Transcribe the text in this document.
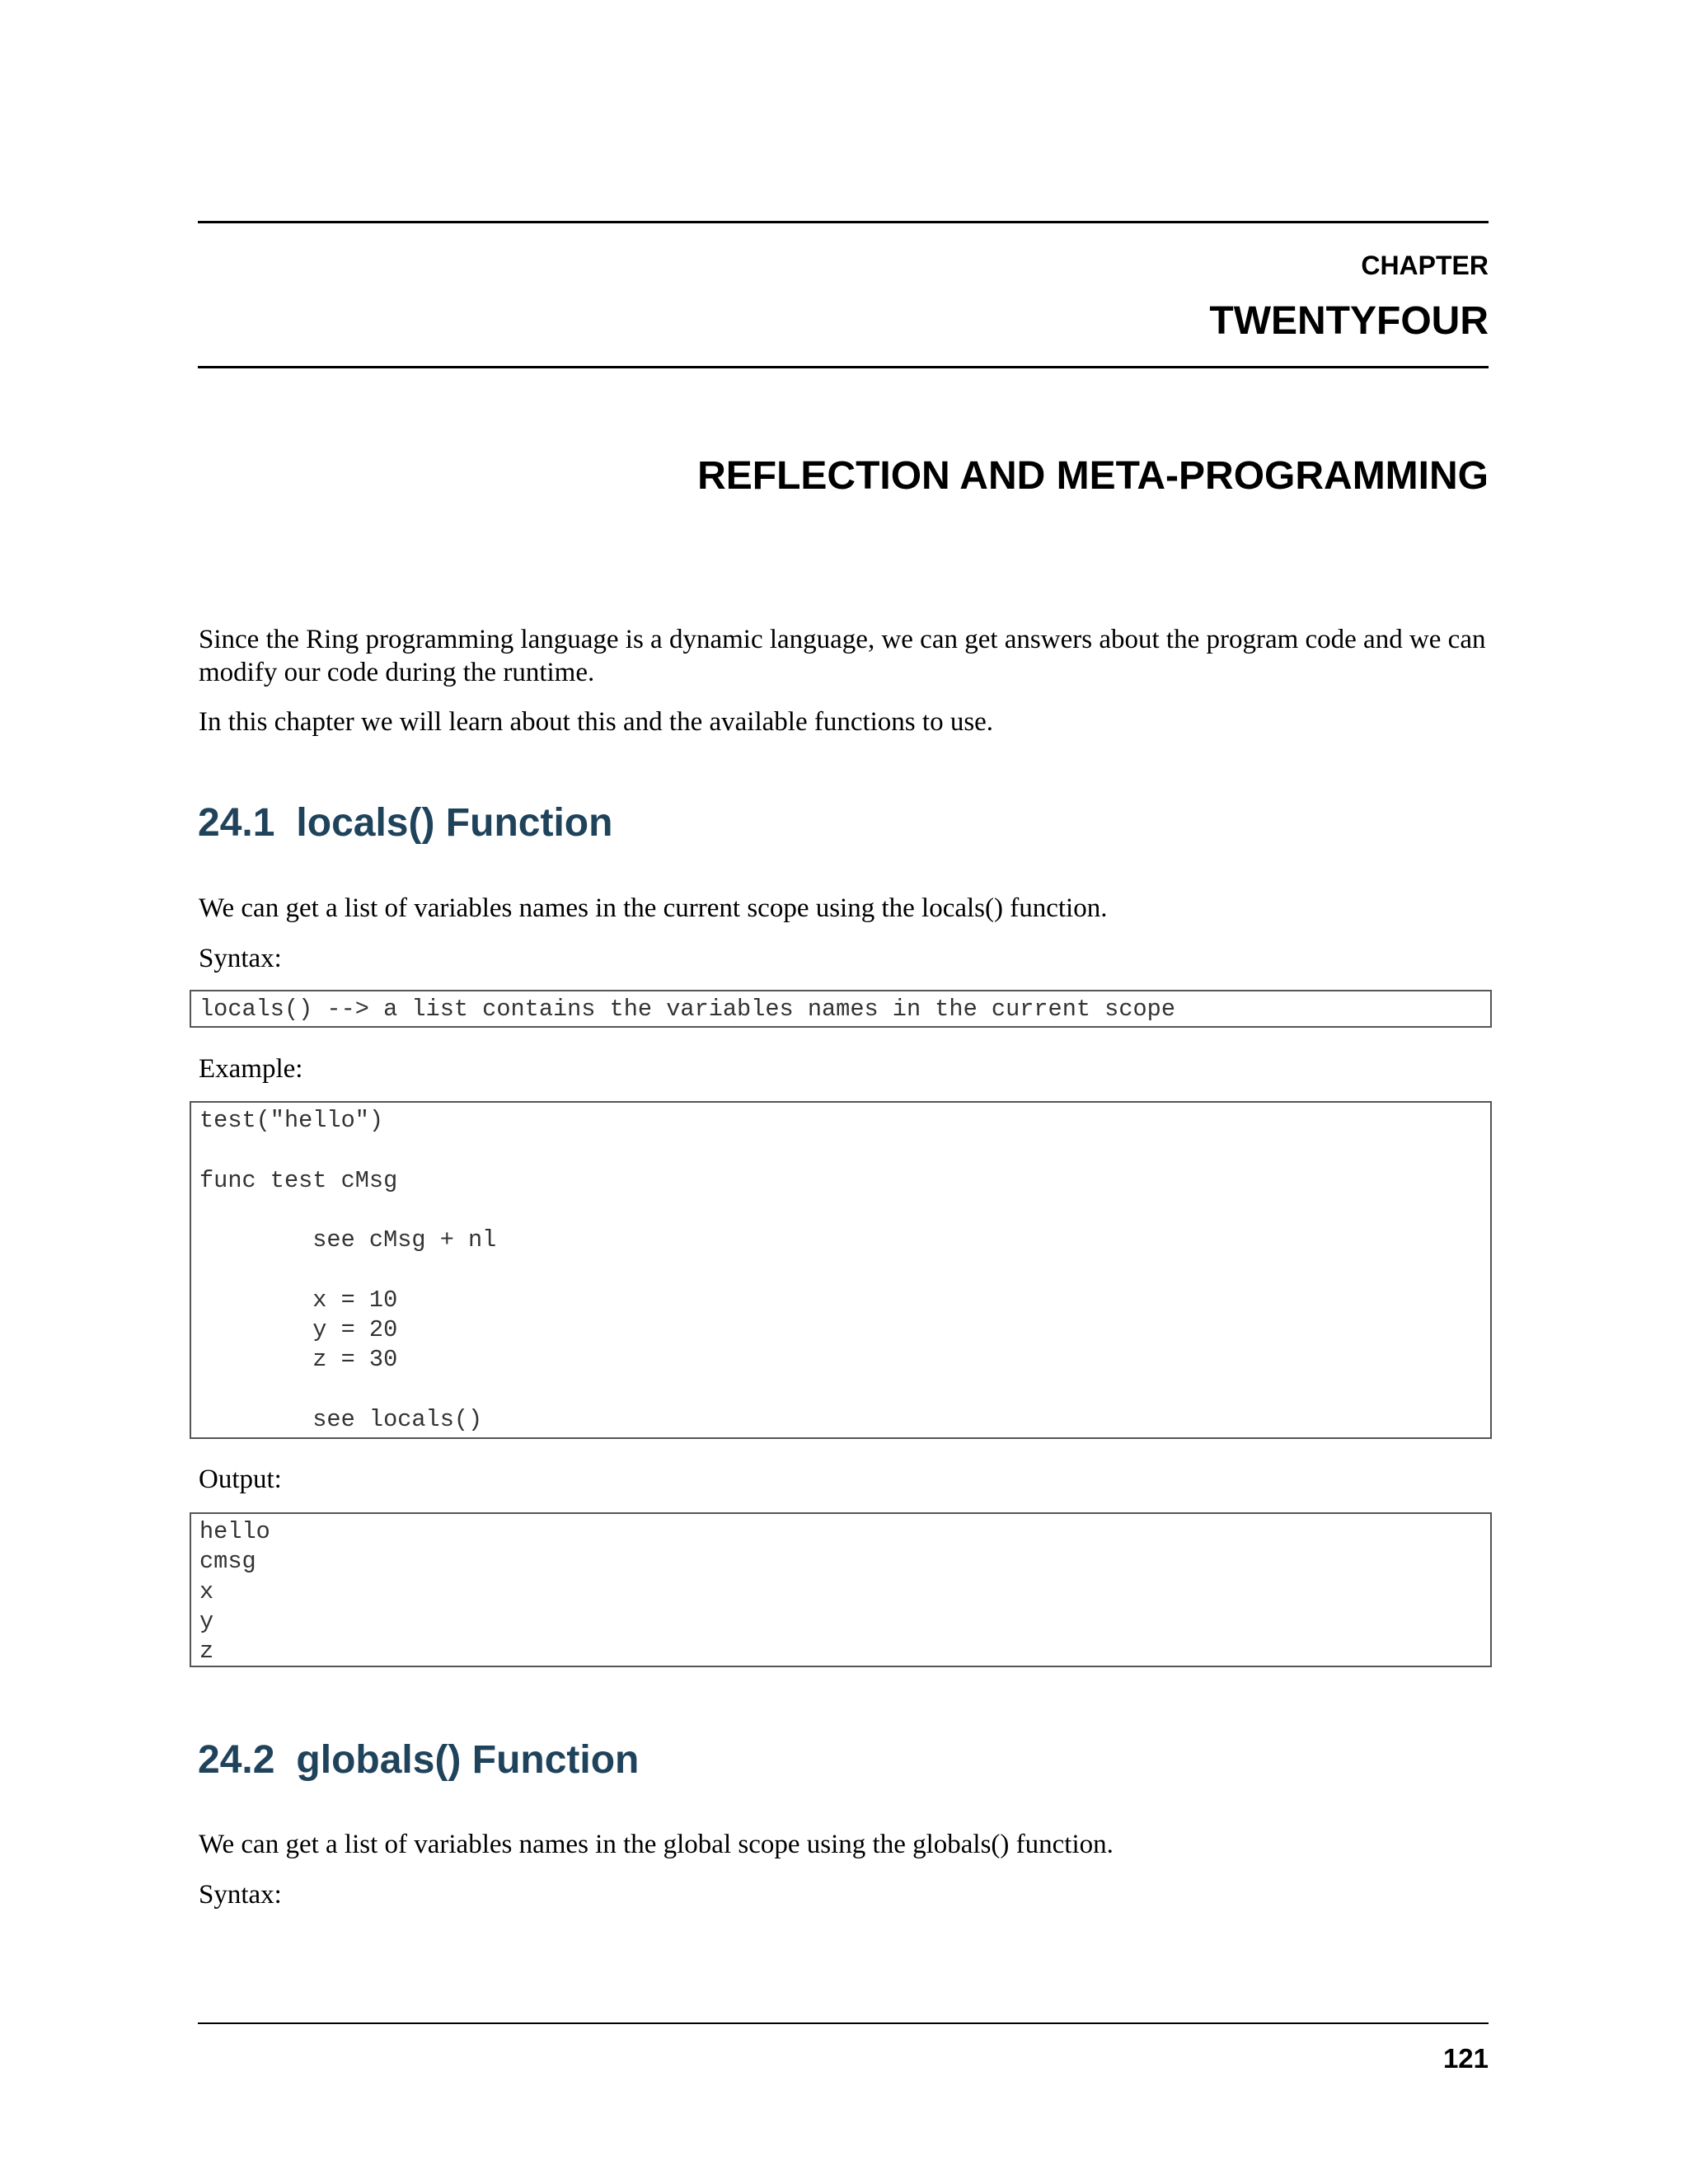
CHAPTER
TWENTYFOUR
REFLECTION AND META-PROGRAMMING

Since the Ring programming language is a dynamic language, we can get answers about the program code and we can modify our code during the runtime.

In this chapter we will learn about this and the available functions to use.

24.1 locals() Function

We can get a list of variables names in the current scope using the locals() function.

Syntax:

locals() --> a list contains the variables names in the current scope

Example:

test("hello")

func test cMsg

see cMsg + nl

x = 10
y = 20
z = 30

see locals()

Output:

hello
cmsg
x
y
z
24.2 globals() Function

We can get a list of variables names in the global scope using the globals() function.

Syntax:

121
